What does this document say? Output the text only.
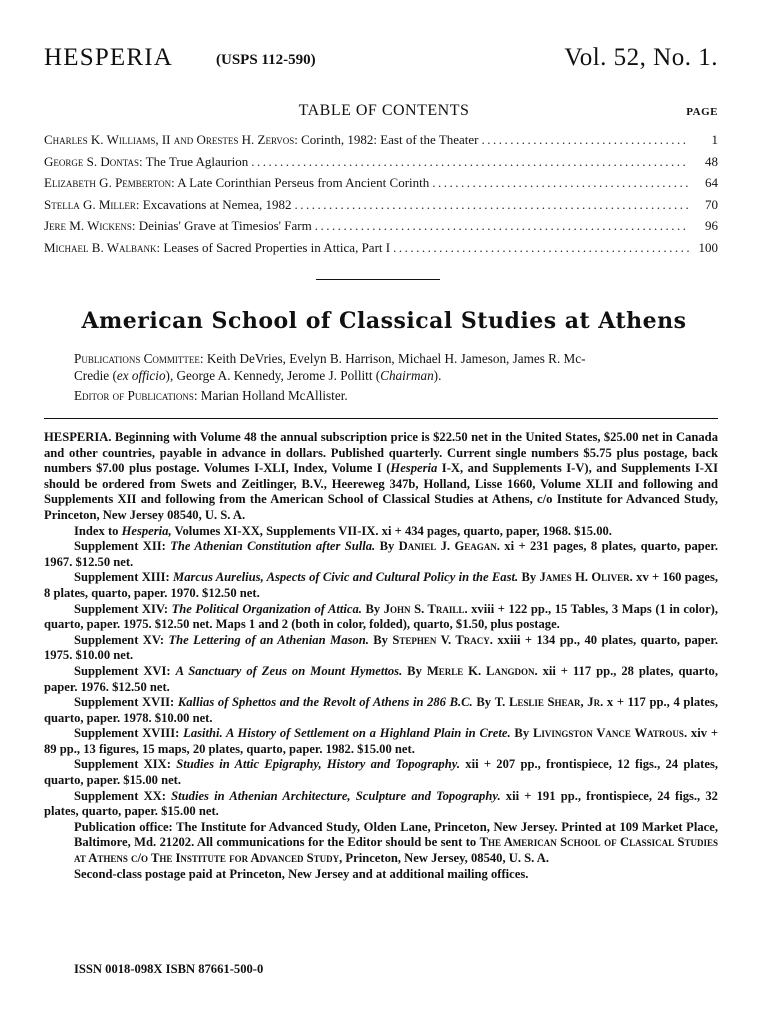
HESPERIA	(USPS 112-590)	Vol. 52, No. 1.
TABLE OF CONTENTS	PAGE
Charles K. Williams, II and Orestes H. Zervos : Corinth, 1982: East of the Theater .....	1
George S. Dontas : The True Aglaurion .....	48
Elizabeth G. Pemberton : A Late Corinthian Perseus from Ancient Corinth .....	64
Stella G. Miller : Excavations at Nemea, 1982 .....	70
Jere M. Wickens : Deinias' Grave at Timesios' Farm .....	96
Michael B. Walbank : Leases of Sacred Properties in Attica, Part I .....	100
American School of Classical Studies at Athens
Publications Committee: Keith DeVries, Evelyn B. Harrison, Michael H. Jameson, James R. Mc-
Credie (ex officio), George A. Kennedy, Jerome J. Pollitt (Chairman).
Editor of Publications: Marian Holland McAllister.

HESPERIA. Beginning with Volume 48 the annual subscription price is $22.50 net in the United States, $25.00 net in Canada and other countries, payable in advance in dollars. Published quarterly. Current single numbers $5.75 plus postage, back numbers $7.00 plus postage. Volumes I-XLI, Index, Volume I (Hesperia I-X, and Supplements I-V), and Supplements I-XI should be ordered from Swets and Zeitlinger, B.V., Heereweg 347b, Holland, Lisse 1660, Volume XLII and following and Supplements XII and following from the American School of Classical Studies at Athens, c/o Institute for Advanced Study, Princeton, New Jersey 08540, U. S. A.

Index to Hesperia, Volumes XI-XX, Supplements VII-IX. xi + 434 pages, quarto, paper, 1968. $15.00.

Supplement XII: The Athenian Constitution after Sulla. By Daniel J. Geagan. xi + 231 pages, 8 plates, quarto, paper. 1967. $12.50 net.

Supplement XIII: Marcus Aurelius, Aspects of Civic and Cultural Policy in the East. By James H. Oliver. xv + 160 pages, 8 plates, quarto, paper. 1970. $12.50 net.

Supplement XIV: The Political Organization of Attica. By John S. Traill. xviii + 122 pp., 15 Tables, 3 Maps (1 in color), quarto, paper. 1975. $12.50 net. Maps 1 and 2 (both in color, folded), quarto, $1.50, plus postage.

Supplement XV: The Lettering of an Athenian Mason. By Stephen V. Tracy. xxiii + 134 pp., 40 plates, quarto, paper. 1975. $10.00 net.

Supplement XVI: A Sanctuary of Zeus on Mount Hymettos. By Merle K. Langdon. xii + 117 pp., 28 plates, quarto, paper. 1976. $12.50 net.

Supplement XVII: Kallias of Sphettos and the Revolt of Athens in 286 B.C. By T. Leslie Shear, Jr. x + 117 pp., 4 plates, quarto, paper. 1978. $10.00 net.

Supplement XVIII: Lasithi. A History of Settlement on a Highland Plain in Crete. By Livingston Vance Watrous. xiv + 89 pp., 13 figures, 15 maps, 20 plates, quarto, paper. 1982. $15.00 net.

Supplement XIX: Studies in Attic Epigraphy, History and Topography. xii + 207 pp., frontispiece, 12 figs., 24 plates, quarto, paper. $15.00 net.

Supplement XX: Studies in Athenian Architecture, Sculpture and Topography. xii + 191 pp., frontispiece, 24 figs., 32 plates, quarto, paper. $15.00 net.

Publication office: The Institute for Advanced Study, Olden Lane, Princeton, New Jersey. Printed at 109 Market Place, Baltimore, Md. 21202. All communications for the Editor should be sent to The American School of Classical Studies at Athens c/o The Institute for Advanced Study, Princeton, New Jersey, 08540, U. S. A.

Second-class postage paid at Princeton, New Jersey and at additional mailing offices.

ISSN 0018-098X ISBN 87661-500-0
